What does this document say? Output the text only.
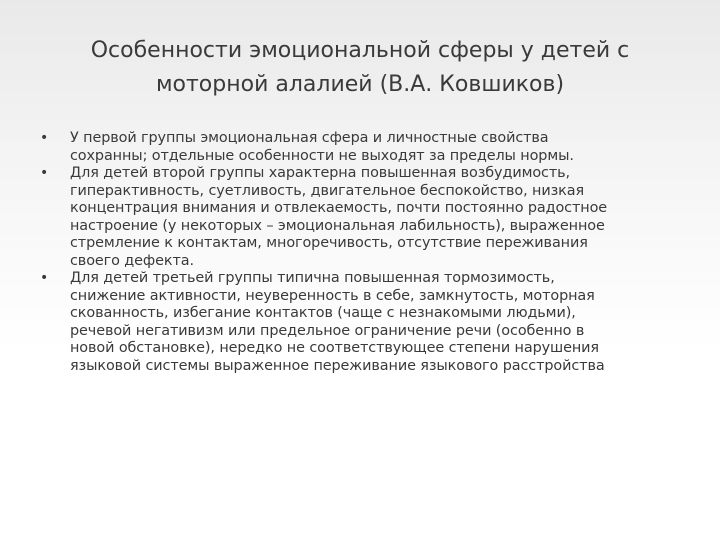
Особенности эмоциональной сферы у детей с
моторной алалией (В.А. Ковшиков)
• У первой группы эмоциональная сфера и личностные свойства
сохранны; отдельные особенности не выходят за пределы нормы.
• Для детей второй группы характерна повышенная возбудимость,
гиперактивность, суетливость, двигательное беспокойство, низкая
концентрация внимания и отвлекаемость, почти постоянно радостное
настроение (у некоторых – эмоциональная лабильность), выраженное
стремление к контактам, многоречивость, отсутствие переживания
своего дефекта.
• Для детей третьей группы типична повышенная тормозимость,
снижение активности, неуверенность в себе, замкнутость, моторная
скованность, избегание контактов (чаще с незнакомыми людьми),
речевой негативизм или предельное ограничение речи (особенно в
новой обстановке), нередко не соответствующее степени нарушения
языковой системы выраженное переживание языкового расстройства
